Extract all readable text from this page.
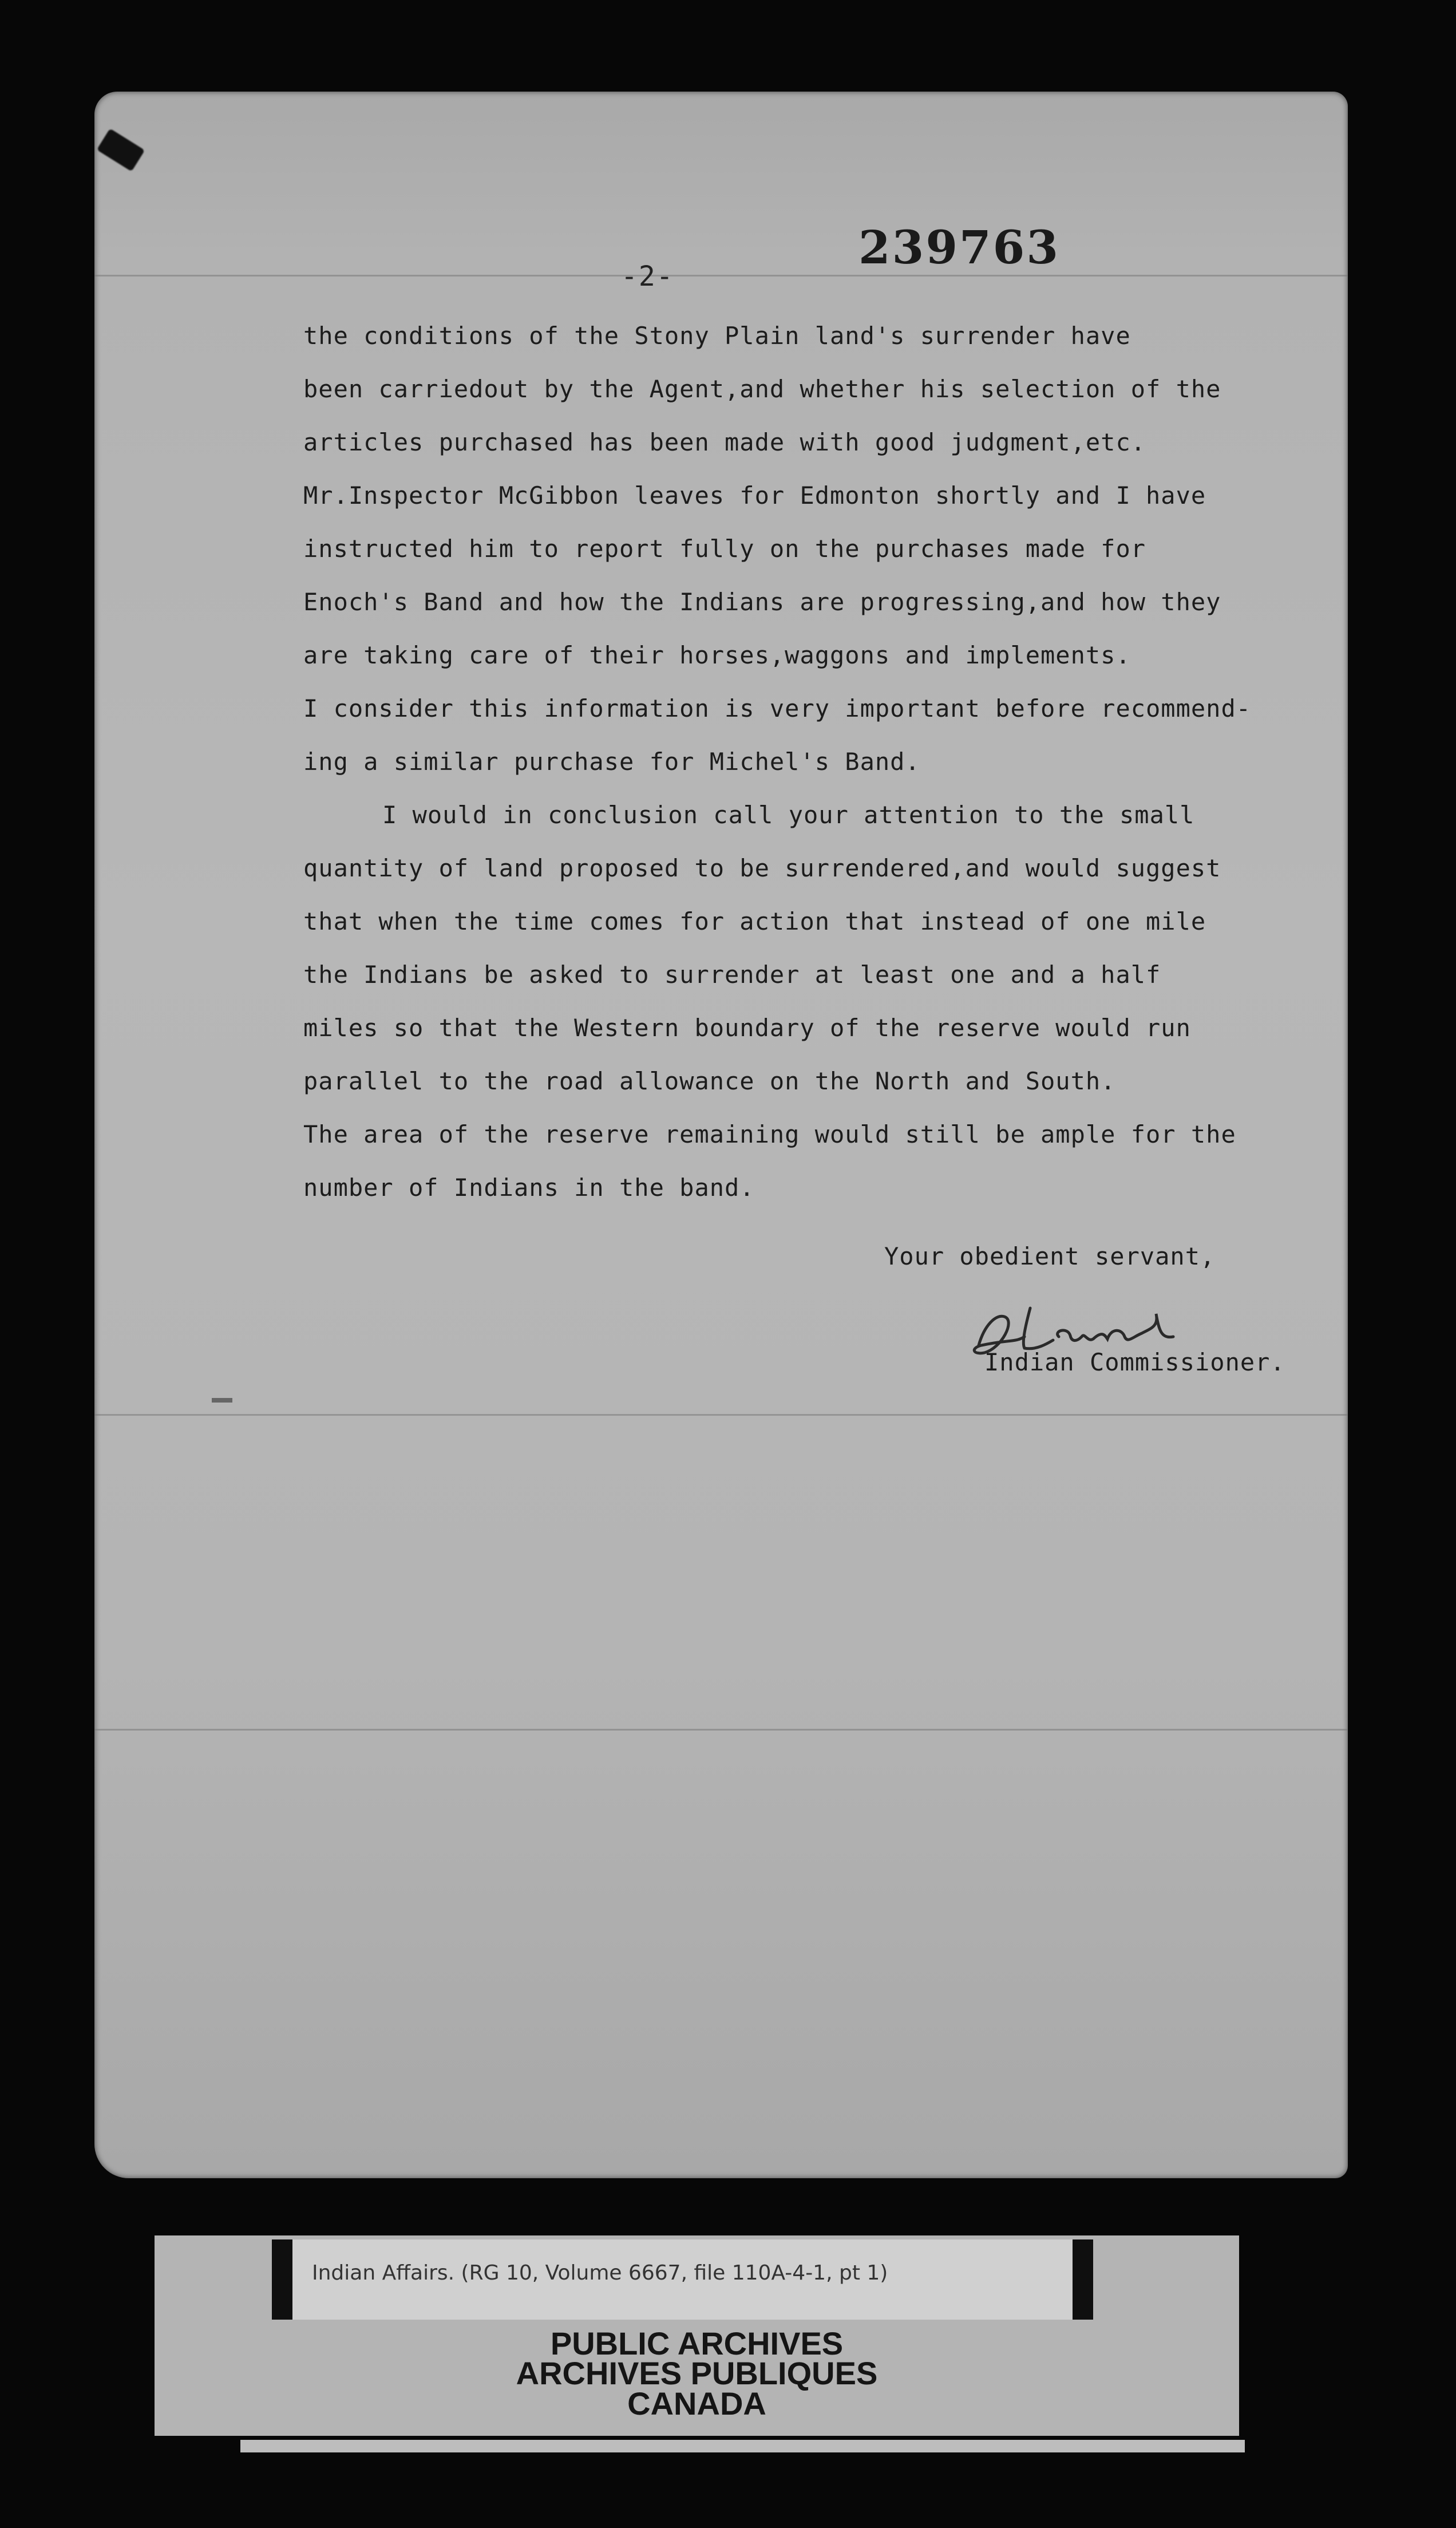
-2-
239763
the conditions of the Stony Plain land's surrender have
been carriedout by the Agent,and whether his selection of the
articles purchased has been made with good judgment,etc.
Mr.Inspector McGibbon leaves for Edmonton shortly and I have
instructed him to report fully on the purchases made for
Enoch's Band and how the Indians are progressing,and how they
are taking care of their horses,waggons and implements.
I consider this information is very important before recommend-
ing a similar purchase for Michel's Band.
I would in conclusion call your attention to the small
quantity of land proposed to be surrendered,and would suggest
that when the time comes for action that instead of one mile
the Indians be asked to surrender at least one and a half
miles so that the Western boundary of the reserve would run
parallel to the road allowance on the North and South.
The area of the reserve remaining would still be ample for the
number of Indians in the band.
Your obedient servant,
Indian Commissioner.
Indian Affairs. (RG 10, Volume 6667, file 110A-4-1, pt 1)
PUBLIC ARCHIVES
ARCHIVES PUBLIQUES
CANADA
